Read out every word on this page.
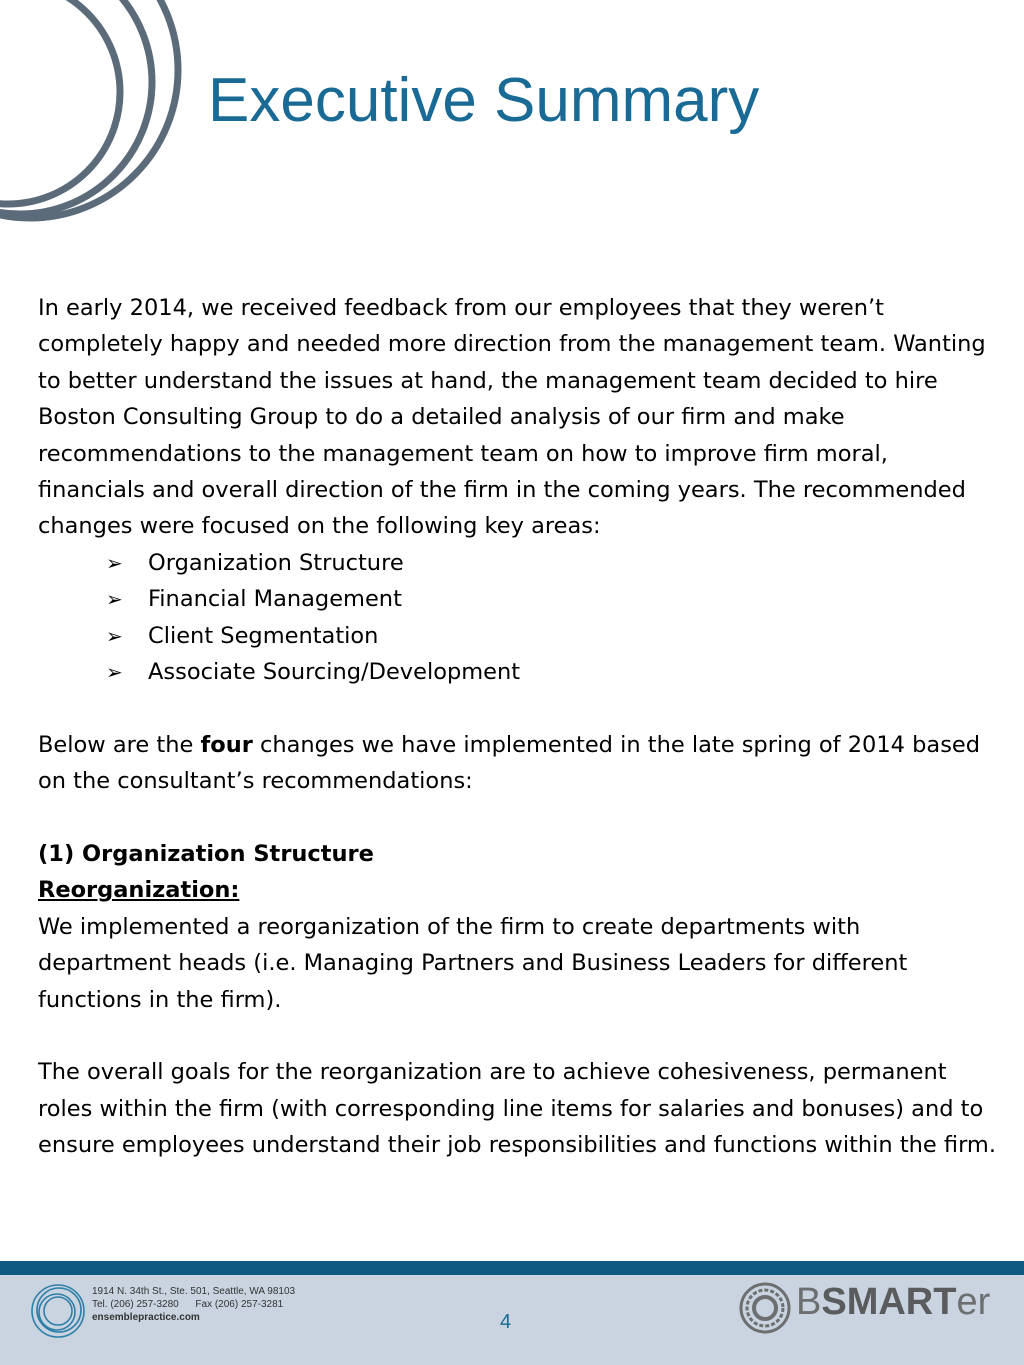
Executive Summary

In early 2014, we received feedback from our employees that they weren’t completely happy and needed more direction from the management team. Wanting to better understand the issues at hand, the management team decided to hire Boston Consulting Group to do a detailed analysis of our firm and make recommendations to the management team on how to improve firm moral, financials and overall direction of the firm in the coming years. The recommended changes were focused on the following key areas:

➢ Organization Structure
➢ Financial Management
➢ Client Segmentation
➢ Associate Sourcing/Development

Below are the four changes we have implemented in the late spring of 2014 based on the consultant’s recommendations:

(1) Organization Structure

Reorganization:

We implemented a reorganization of the firm to create departments with department heads (i.e. Managing Partners and Business Leaders for different functions in the firm).

The overall goals for the reorganization are to achieve cohesiveness, permanent roles within the firm (with corresponding line items for salaries and bonuses) and to ensure employees understand their job responsibilities and functions within the firm.

1914 N. 34th St., Ste. 501, Seattle, WA 98103
Tel. (206) 257-3280      Fax (206) 257-3281
ensemblepractice.com	4	BSMARTer
